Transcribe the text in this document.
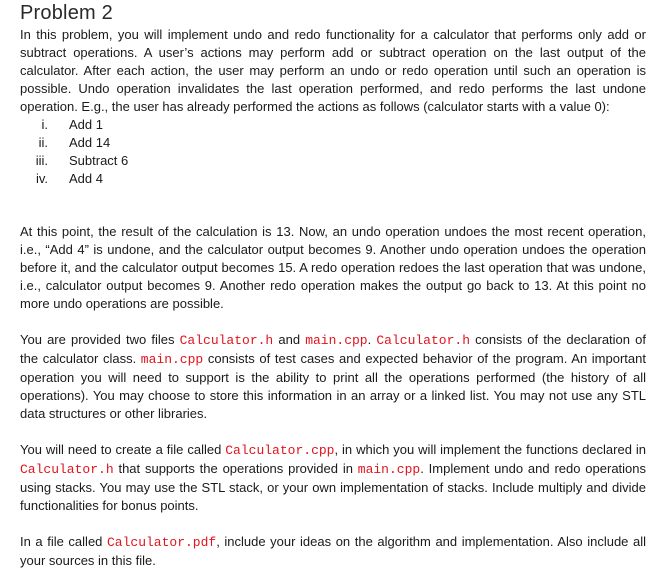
Problem 2

In this problem, you will implement undo and redo functionality for a calculator that performs only add or subtract operations. A user’s actions may perform add or subtract operation on the last output of the calculator. After each action, the user may perform an undo or redo operation until such an operation is possible. Undo operation invalidates the last operation performed, and redo performs the last undone operation. E.g., the user has already performed the actions as follows (calculator starts with a value 0):

i. Add 1
ii. Add 14
iii. Subtract 6
iv. Add 4

At this point, the result of the calculation is 13. Now, an undo operation undoes the most recent operation, i.e., “Add 4” is undone, and the calculator output becomes 9. Another undo operation undoes the operation before it, and the calculator output becomes 15. A redo operation redoes the last operation that was undone, i.e., calculator output becomes 9. Another redo operation makes the output go back to 13. At this point no more undo operations are possible.

You are provided two files Calculator.h and main.cpp. Calculator.h consists of the declaration of the calculator class. main.cpp consists of test cases and expected behavior of the program. An important operation you will need to support is the ability to print all the operations performed (the history of all operations). You may choose to store this information in an array or a linked list. You may not use any STL data structures or other libraries.

You will need to create a file called Calculator.cpp, in which you will implement the functions declared in Calculator.h that supports the operations provided in main.cpp. Implement undo and redo operations using stacks. You may use the STL stack, or your own implementation of stacks. Include multiply and divide functionalities for bonus points.

In a file called Calculator.pdf, include your ideas on the algorithm and implementation. Also include all your sources in this file.
